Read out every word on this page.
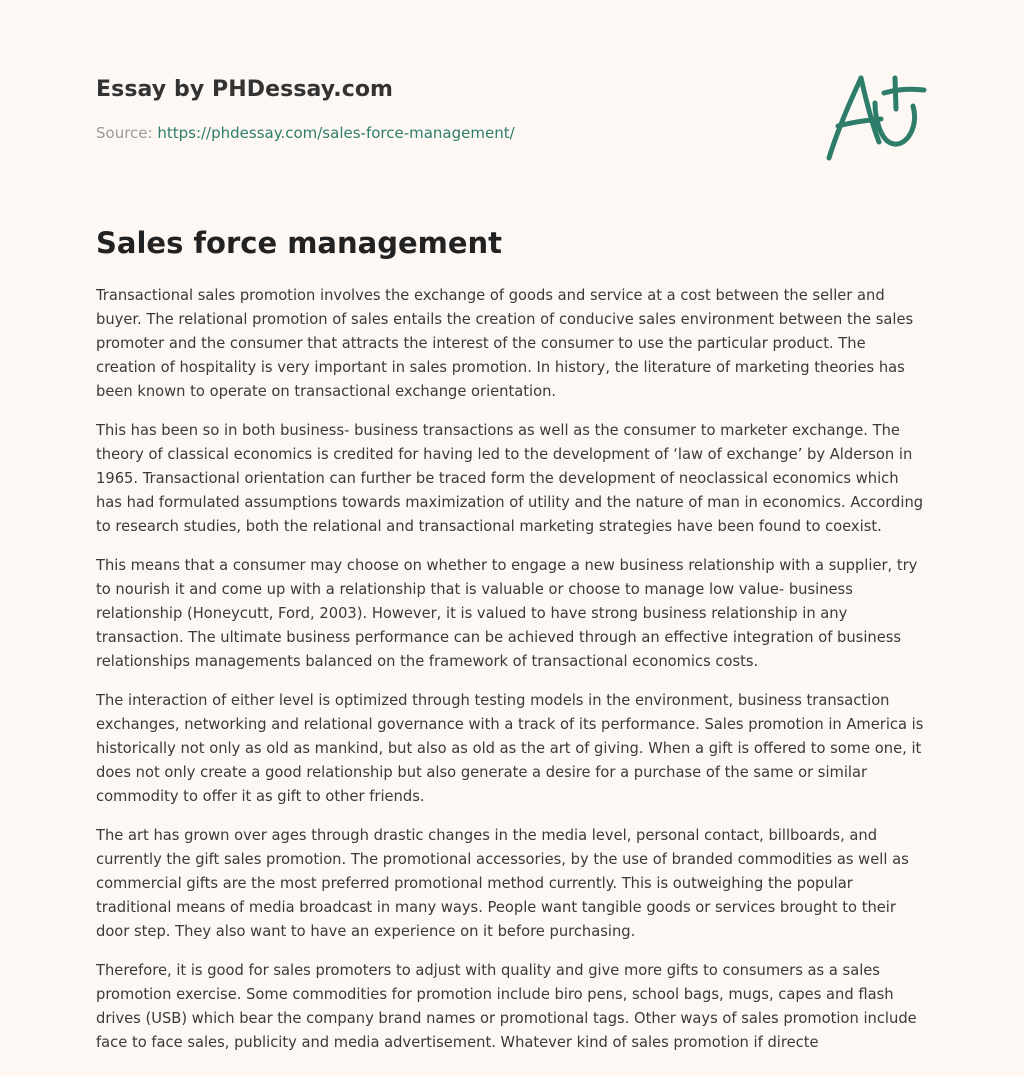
Essay by PHDessay.com
Source: https://phdessay.com/sales-force-management/
Sales force management

Transactional sales promotion involves the exchange of goods and service at a cost between the seller and buyer. The relational promotion of sales entails the creation of conducive sales environment between the sales promoter and the consumer that attracts the interest of the consumer to use the particular product. The creation of hospitality is very important in sales promotion. In history, the literature of marketing theories has been known to operate on transactional exchange orientation.

This has been so in both business- business transactions as well as the consumer to marketer exchange. The theory of classical economics is credited for having led to the development of ‘law of exchange’ by Alderson in 1965. Transactional orientation can further be traced form the development of neoclassical economics which has had formulated assumptions towards maximization of utility and the nature of man in economics. According to research studies, both the relational and transactional marketing strategies have been found to coexist.

This means that a consumer may choose on whether to engage a new business relationship with a supplier, try to nourish it and come up with a relationship that is valuable or choose to manage low value- business relationship (Honeycutt, Ford, 2003). However, it is valued to have strong business relationship in any transaction. The ultimate business performance can be achieved through an effective integration of business relationships managements balanced on the framework of transactional economics costs.

The interaction of either level is optimized through testing models in the environment, business transaction exchanges, networking and relational governance with a track of its performance. Sales promotion in America is historically not only as old as mankind, but also as old as the art of giving. When a gift is offered to some one, it does not only create a good relationship but also generate a desire for a purchase of the same or similar commodity to offer it as gift to other friends.

The art has grown over ages through drastic changes in the media level, personal contact, billboards, and currently the gift sales promotion. The promotional accessories, by the use of branded commodities as well as commercial gifts are the most preferred promotional method currently. This is outweighing the popular traditional means of media broadcast in many ways. People want tangible goods or services brought to their door step. They also want to have an experience on it before purchasing.

Therefore, it is good for sales promoters to adjust with quality and give more gifts to consumers as a sales promotion exercise. Some commodities for promotion include biro pens, school bags, mugs, capes and flash drives (USB) which bear the company brand names or promotional tags. Other ways of sales promotion include face to face sales, publicity and media advertisement. Whatever kind of sales promotion if directe
